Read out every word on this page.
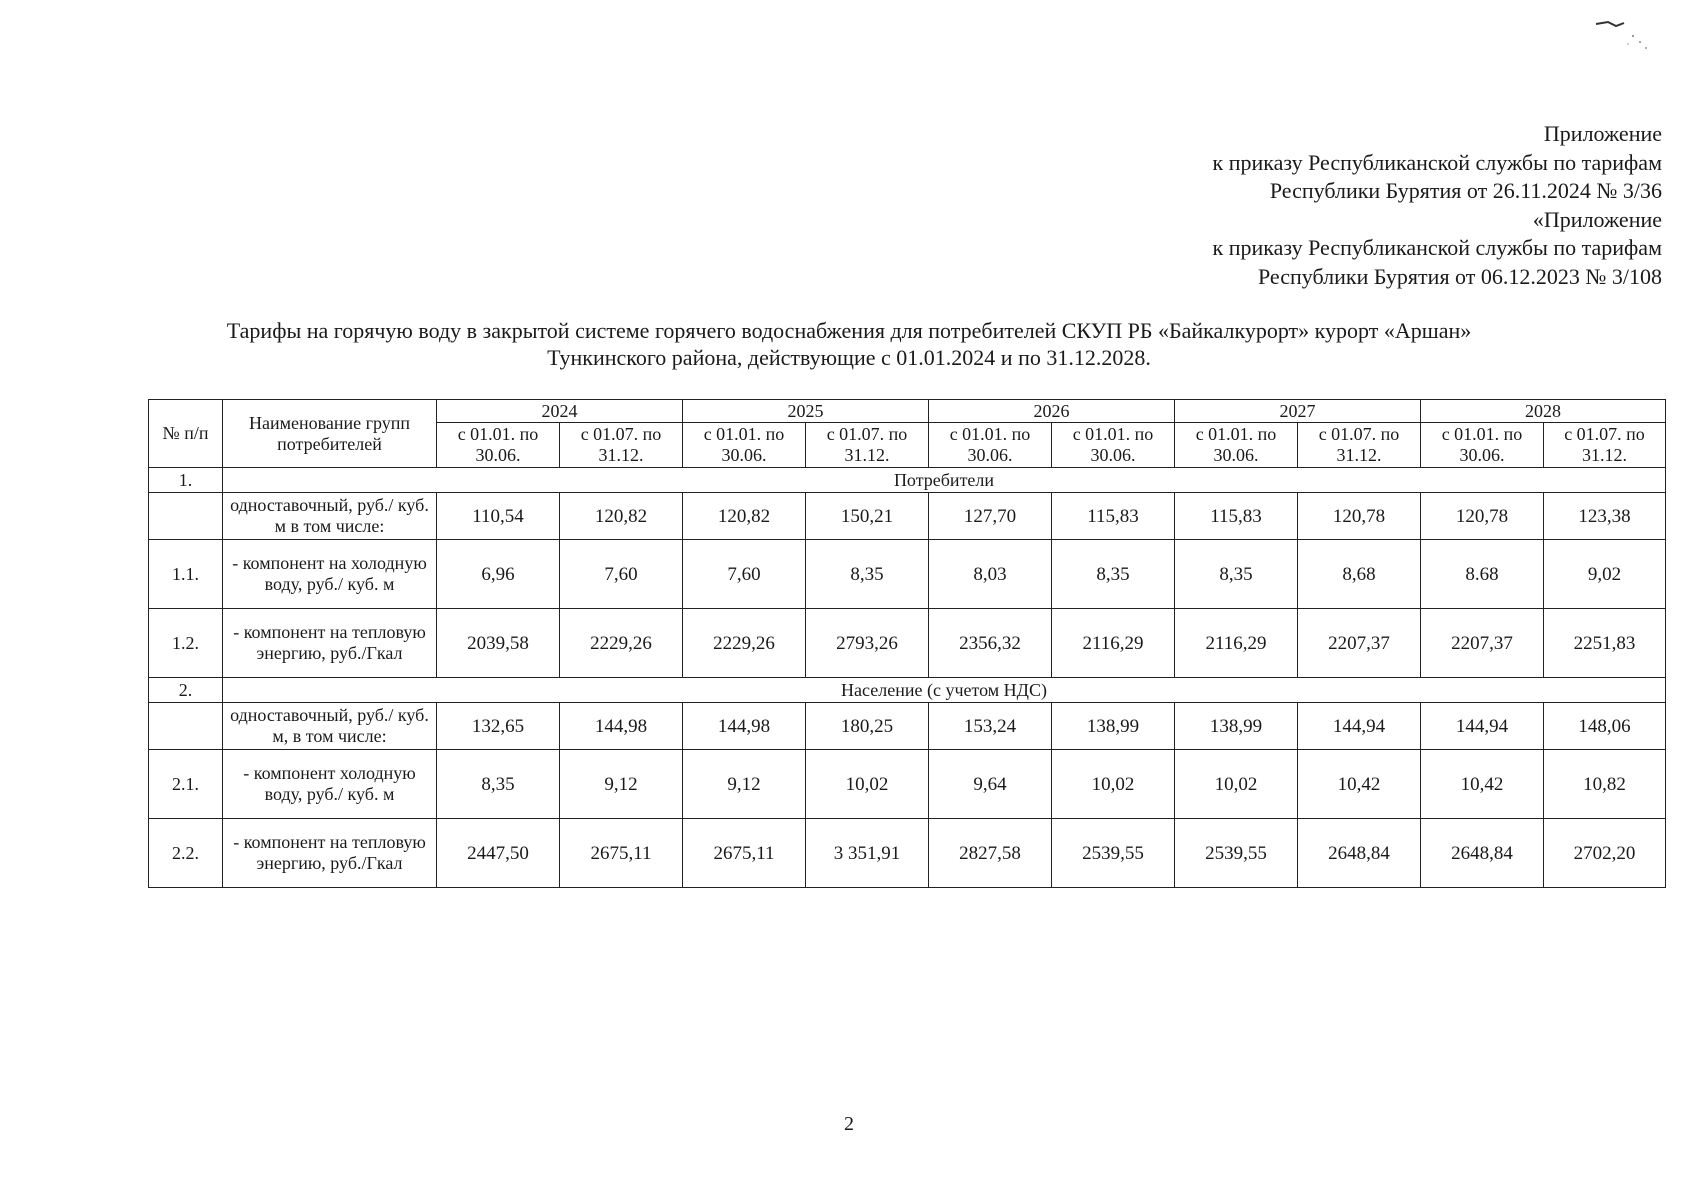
Приложение
к приказу Республиканской службы по тарифам
Республики Бурятия от 26.11.2024 № 3/36
«Приложение
к приказу Республиканской службы по тарифам
Республики Бурятия от 06.12.2023 № 3/108
Тарифы на горячую воду в закрытой системе горячего водоснабжения для потребителей СКУП РБ «Байкалкурорт» курорт «Аршан»
Тункинского района, действующие с 01.01.2024 и по 31.12.2028.
№ п/п	Наименование групп потребителей	2024		2025		2026		2027		2028	
		с 01.01. по 30.06.	с 01.07. по 31.12.	с 01.01. по 30.06.	с 01.07. по 31.12.	с 01.01. по 30.06.	с 01.01. по 30.06.	с 01.01. по 30.06.	с 01.07. по 31.12.	с 01.01. по 30.06.	с 01.07. по 31.12.
1.	Потребители										
	одноставочный, руб./ куб. м в том числе:	110,54	120,82	120,82	150,21	127,70	115,83	115,83	120,78	120,78	123,38
1.1.	- компонент на холодную воду, руб./ куб. м	6,96	7,60	7,60	8,35	8,03	8,35	8,35	8,68	8.68	9,02
1.2.	- компонент на тепловую энергию, руб./Гкал	2039,58	2229,26	2229,26	2793,26	2356,32	2116,29	2116,29	2207,37	2207,37	2251,83
2.	Население (с учетом НДС)										
	одноставочный, руб./ куб. м, в том числе:	132,65	144,98	144,98	180,25	153,24	138,99	138,99	144,94	144,94	148,06
2.1.	- компонент холодную воду, руб./ куб. м	8,35	9,12	9,12	10,02	9,64	10,02	10,02	10,42	10,42	10,82
2.2.	- компонент на тепловую энергию, руб./Гкал	2447,50	2675,11	2675,11	3 351,91	2827,58	2539,55	2539,55	2648,84	2648,84	2702,20
2
